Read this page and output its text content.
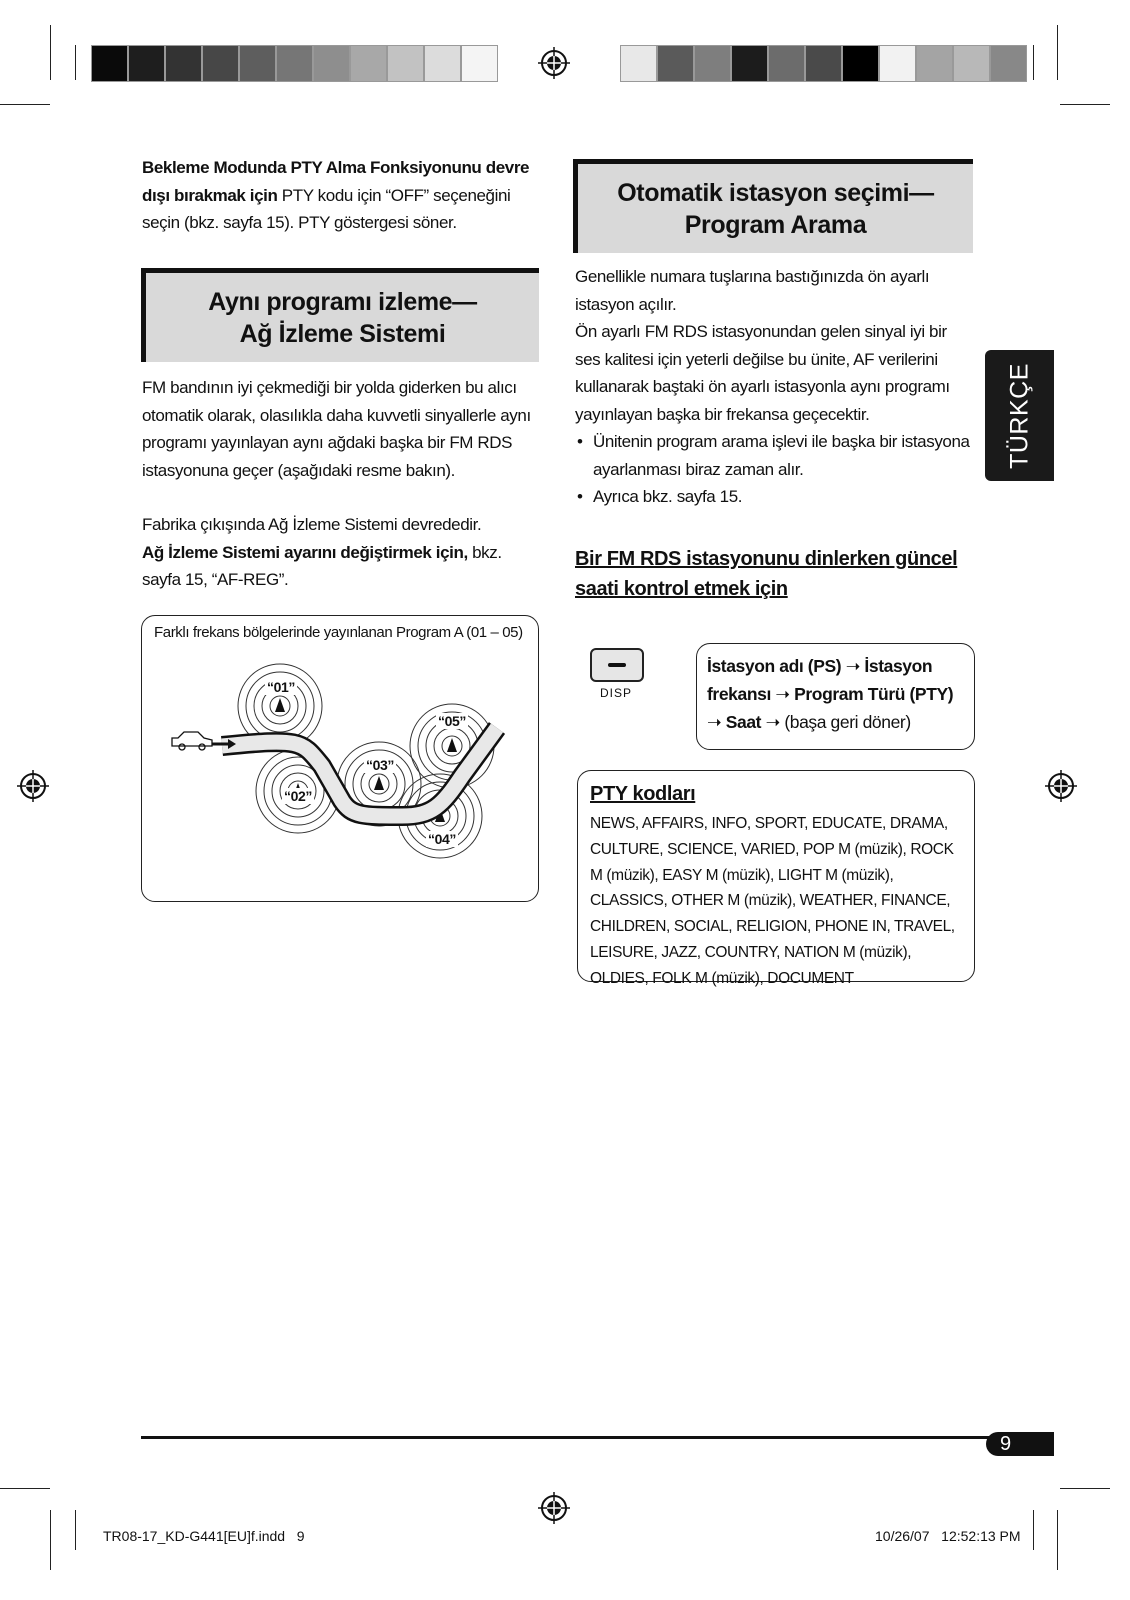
Bekleme Modunda PTY Alma Fonksiyonunu devre dışı bırakmak için PTY kodu için “OFF” seçeneğini seçin (bkz. sayfa 15). PTY göstergesi söner.

Aynı programı izleme—
Ağ İzleme Sistemi

FM bandının iyi çekmediği bir yolda giderken bu alıcı otomatik olarak, olasılıkla daha kuvvetli sinyallerle aynı programı yayınlayan aynı ağdaki başka bir FM RDS istasyonuna geçer (aşağıdaki resme bakın).

Fabrika çıkışında Ağ İzleme Sistemi devrededir.

Ağ İzleme Sistemi ayarını değiştirmek için, bkz. sayfa 15, “AF-REG”.

Farklı frekans bölgelerinde yayınlanan Program A (01 – 05)
“01”
“02”
“03”
“04”
“05”
Otomatik istasyon seçimi—
Program Arama

Genellikle numara tuşlarına bastığınızda ön ayarlı istasyon açılır.

Ön ayarlı FM RDS istasyonundan gelen sinyal iyi bir ses kalitesi için yeterli değilse bu ünite, AF verilerini kullanarak baştaki ön ayarlı istasyonla aynı programı yayınlayan başka bir frekansa geçecektir.

• Ünitenin program arama işlevi ile başka bir istasyona ayarlanması biraz zaman alır.

• Ayrıca bkz. sayfa 15.

Bir FM RDS istasyonunu dinlerken güncel saati kontrol etmek için
DISP
İstasyon adı (PS) ➝ İstasyon frekansı ➝ Program Türü (PTY) ➝ Saat ➝ (başa geri döner)
PTY kodları
NEWS, AFFAIRS, INFO, SPORT, EDUCATE, DRAMA, CULTURE, SCIENCE, VARIED, POP M (müzik), ROCK M (müzik), EASY M (müzik), LIGHT M (müzik), CLASSICS, OTHER M (müzik), WEATHER, FINANCE, CHILDREN, SOCIAL, RELIGION, PHONE IN, TRAVEL, LEISURE, JAZZ, COUNTRY, NATION M (müzik), OLDIES, FOLK M (müzik), DOCUMENT
TÜRKÇE
9
TR08-17_KD-G441[EU]f.indd   9	10/26/07   12:52:13 PM
